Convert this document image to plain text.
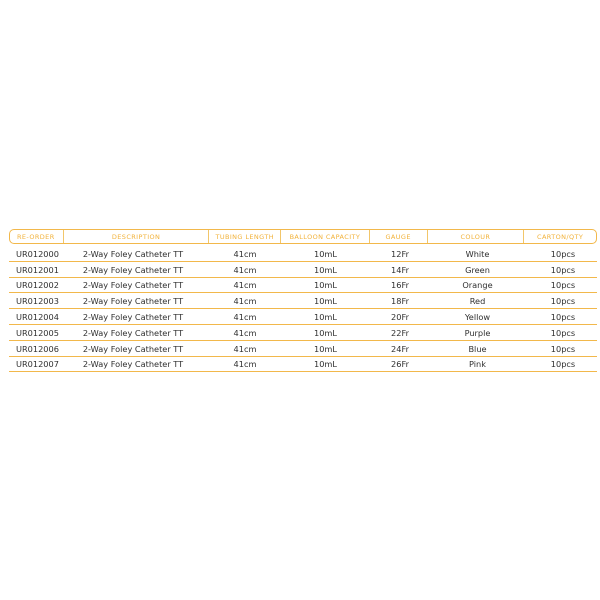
RE-ORDER	DESCRIPTION	TUBING LENGTH	BALLOON CAPACITY	GAUGE	COLOUR	CARTON/QTY
UR012000	2-Way Foley Catheter TT	41cm	10mL	12Fr	White	10pcs
UR012001	2-Way Foley Catheter TT	41cm	10mL	14Fr	Green	10pcs
UR012002	2-Way Foley Catheter TT	41cm	10mL	16Fr	Orange	10pcs
UR012003	2-Way Foley Catheter TT	41cm	10mL	18Fr	Red	10pcs
UR012004	2-Way Foley Catheter TT	41cm	10mL	20Fr	Yellow	10pcs
UR012005	2-Way Foley Catheter TT	41cm	10mL	22Fr	Purple	10pcs
UR012006	2-Way Foley Catheter TT	41cm	10mL	24Fr	Blue	10pcs
UR012007	2-Way Foley Catheter TT	41cm	10mL	26Fr	Pink	10pcs
